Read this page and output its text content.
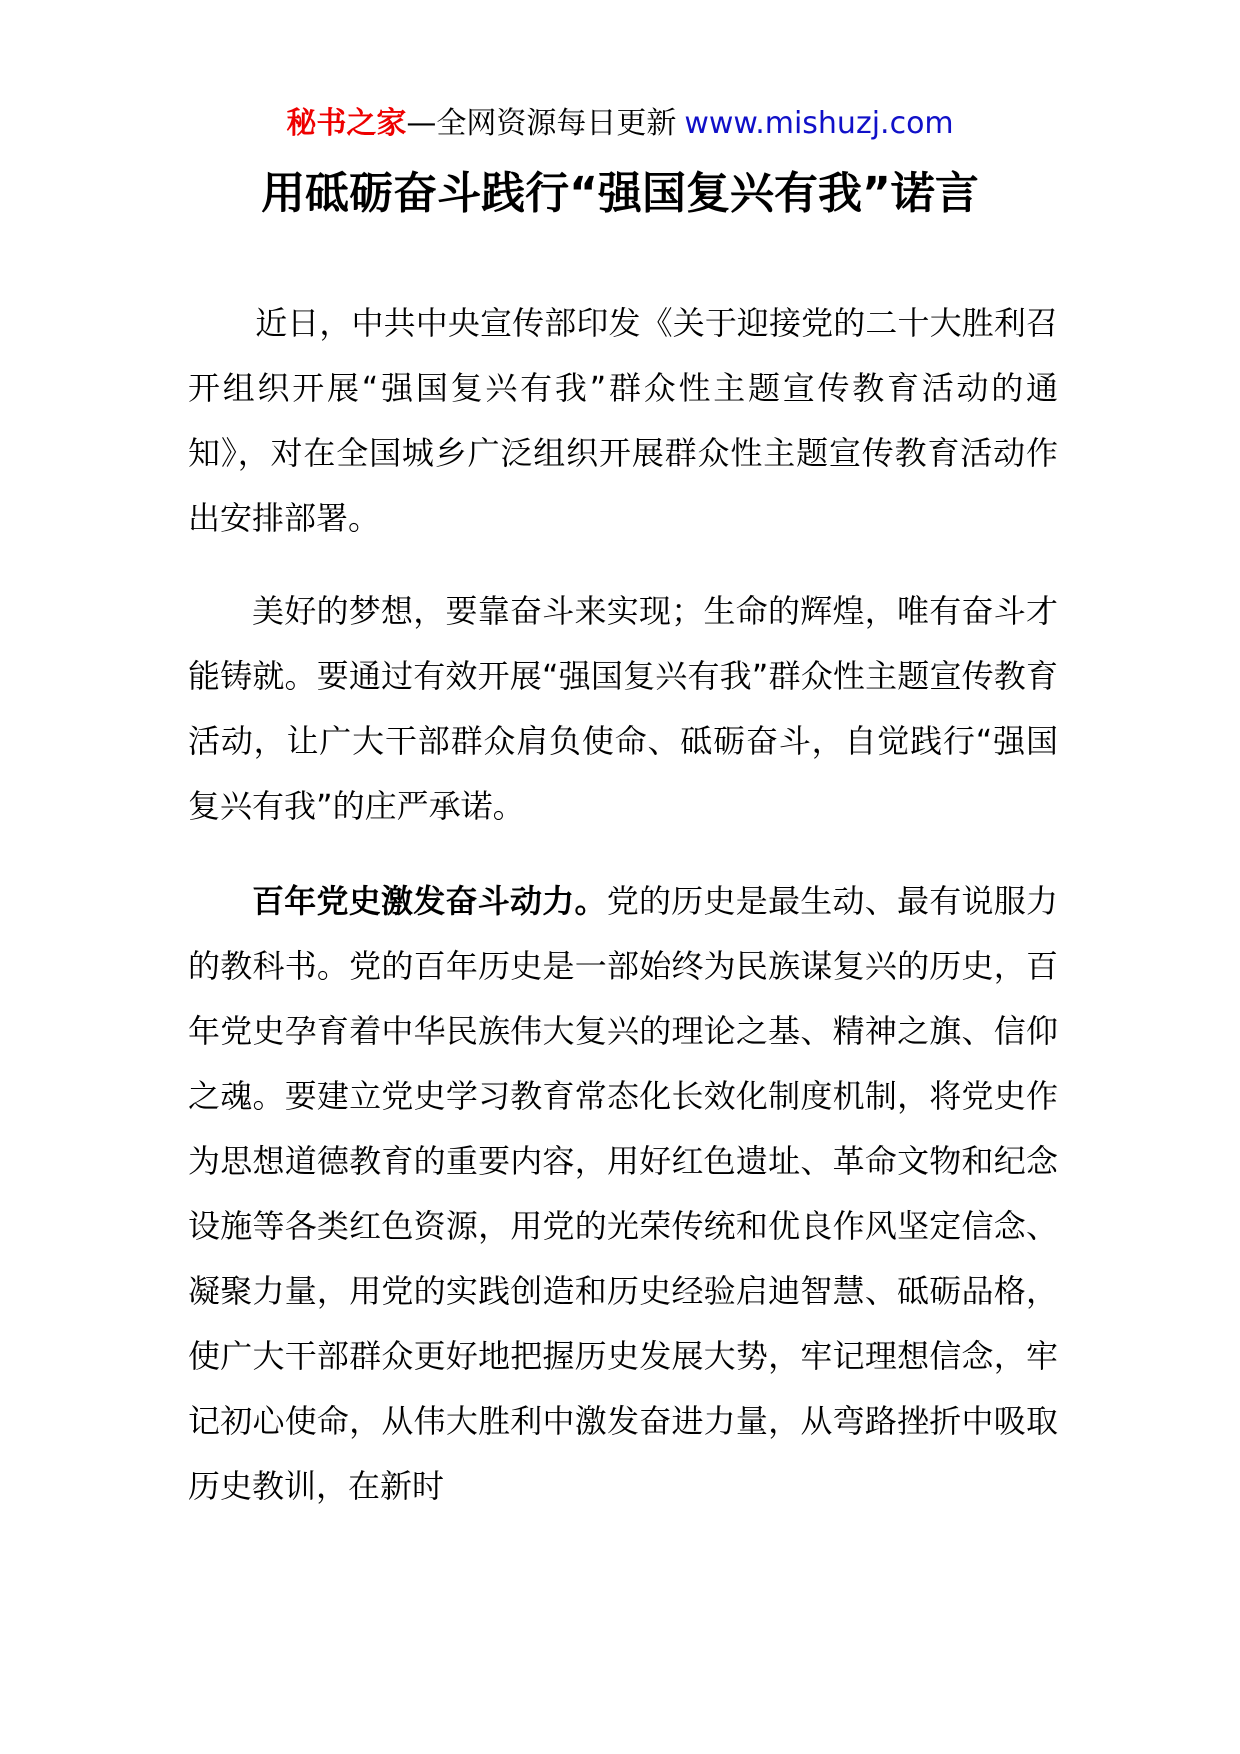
秘书之家—全网资源每日更新 www.mishuzj.com
用砥砺奋斗践行“强国复兴有我”诺言

近日，中共中央宣传部印发《关于迎接党的二十大胜利召开组织开展“强国复兴有我”群众性主题宣传教育活动的通知》，对在全国城乡广泛组织开展群众性主题宣传教育活动作出安排部署。

美好的梦想，要靠奋斗来实现；生命的辉煌，唯有奋斗才能铸就。要通过有效开展“强国复兴有我”群众性主题宣传教育活动，让广大干部群众肩负使命、砥砺奋斗，自觉践行“强国复兴有我”的庄严承诺。

百年党史激发奋斗动力。党的历史是最生动、最有说服力的教科书。党的百年历史是一部始终为民族谋复兴的历史，百年党史孕育着中华民族伟大复兴的理论之基、精神之旗、信仰之魂。要建立党史学习教育常态化长效化制度机制，将党史作为思想道德教育的重要内容，用好红色遗址、革命文物和纪念设施等各类红色资源，用党的光荣传统和优良作风坚定信念、凝聚力量，用党的实践创造和历史经验启迪智慧、砥砺品格，使广大干部群众更好地把握历史发展大势，牢记理想信念，牢记初心使命，从伟大胜利中激发奋进力量，从弯路挫折中吸取历史教训，在新时
